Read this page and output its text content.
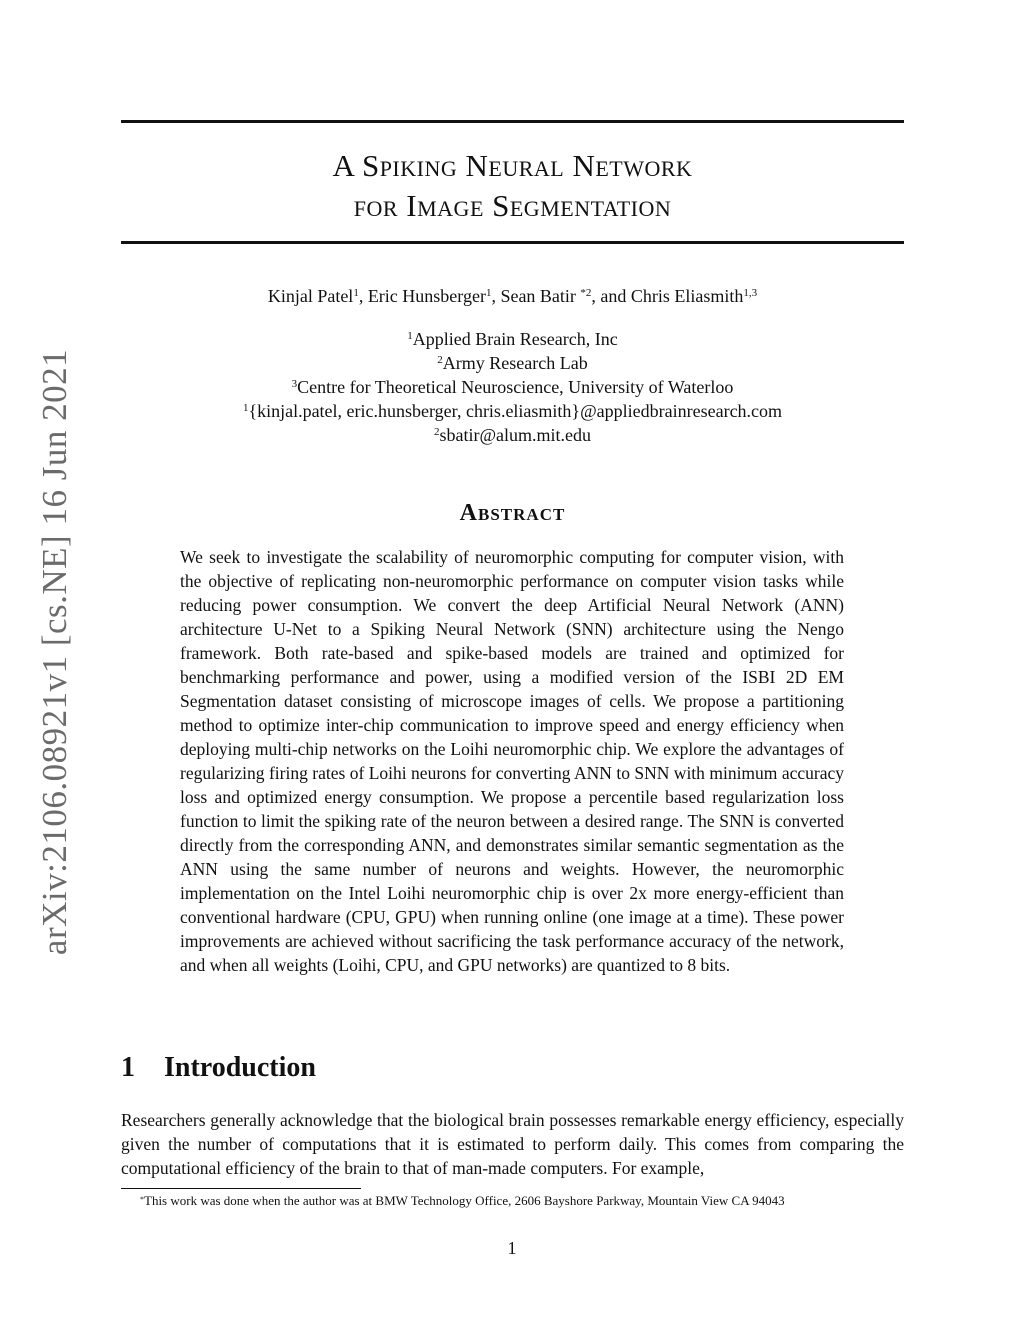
arXiv:2106.08921v1 [cs.NE] 16 Jun 2021
A Spiking Neural Network
for Image Segmentation
Kinjal Patel$^1$, Eric Hunsberger$^1$, Sean Batir $^{*2}$, and Chris Eliasmith$^{1,3}$
$^1$Applied Brain Research, Inc
$^2$Army Research Lab
$^3$Centre for Theoretical Neuroscience, University of Waterloo
$^1${kinjal.patel, eric.hunsberger, chris.eliasmith}@appliedbrainresearch.com
$^2$sbatir@alum.mit.edu
Abstract
We seek to investigate the scalability of neuromorphic computing for computer vision, with the objective of replicating non-neuromorphic performance on computer vision tasks while reducing power consumption. We convert the deep Artificial Neural Network (ANN) architecture U-Net to a Spiking Neural Network (SNN) architecture using the Nengo framework. Both rate-based and spike-based models are trained and optimized for benchmarking performance and power, using a modified version of the ISBI 2D EM Segmentation dataset consisting of microscope images of cells. We propose a partitioning method to optimize inter-chip communication to improve speed and energy efficiency when deploying multi-chip networks on the Loihi neuromorphic chip. We explore the advantages of regularizing firing rates of Loihi neurons for converting ANN to SNN with minimum accuracy loss and optimized energy consumption. We propose a percentile based regularization loss function to limit the spiking rate of the neuron between a desired range. The SNN is converted directly from the corresponding ANN, and demonstrates similar semantic segmentation as the ANN using the same number of neurons and weights. However, the neuromorphic implementation on the Intel Loihi neuromorphic chip is over 2x more energy-efficient than conventional hardware (CPU, GPU) when running online (one image at a time). These power improvements are achieved without sacrificing the task performance accuracy of the network, and when all weights (Loihi, CPU, and GPU networks) are quantized to 8 bits.
1 Introduction
Researchers generally acknowledge that the biological brain possesses remarkable energy efficiency, especially given the number of computations that it is estimated to perform daily. This comes from comparing the computational efficiency of the brain to that of man-made computers. For example,
*This work was done when the author was at BMW Technology Office, 2606 Bayshore Parkway, Mountain View CA 94043
1
